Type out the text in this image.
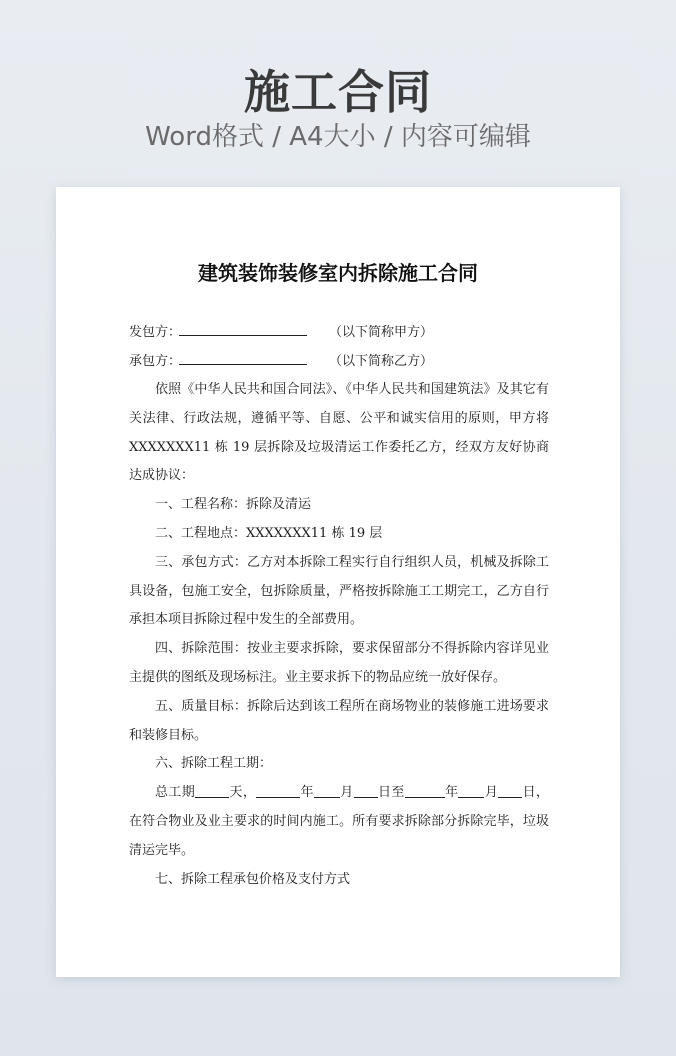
施工合同
Word格式 / A4大小 / 内容可编辑
建筑装饰装修室内拆除施工合同
发包方：	（以下简称甲方）
承包方：	（以下简称乙方）

依照《中华人民共和国合同法》、《中华人民共和国建筑法》及其它有关法律、行政法规，遵循平等、自愿、公平和诚实信用的原则，甲方将XXXXXXX11 栋 19 层拆除及垃圾清运工作委托乙方，经双方友好协商达成协议：

一、工程名称：拆除及清运

二、工程地点：XXXXXXX11 栋 19 层

三、承包方式：乙方对本拆除工程实行自行组织人员，机械及拆除工具设备，包施工安全，包拆除质量，严格按拆除施工工期完工，乙方自行承担本项目拆除过程中发生的全部费用。

四、拆除范围：按业主要求拆除，要求保留部分不得拆除内容详见业主提供的图纸及现场标注。业主要求拆下的物品应统一放好保存。

五、质量目标：拆除后达到该工程所在商场物业的装修施工进场要求和装修目标。

六、拆除工程工期：

总工期	天，	年 月 日至	年 月 日，在符合物业及业主要求的时间内施工。所有要求拆除部分拆除完毕，垃圾清运完毕。

七、拆除工程承包价格及支付方式
